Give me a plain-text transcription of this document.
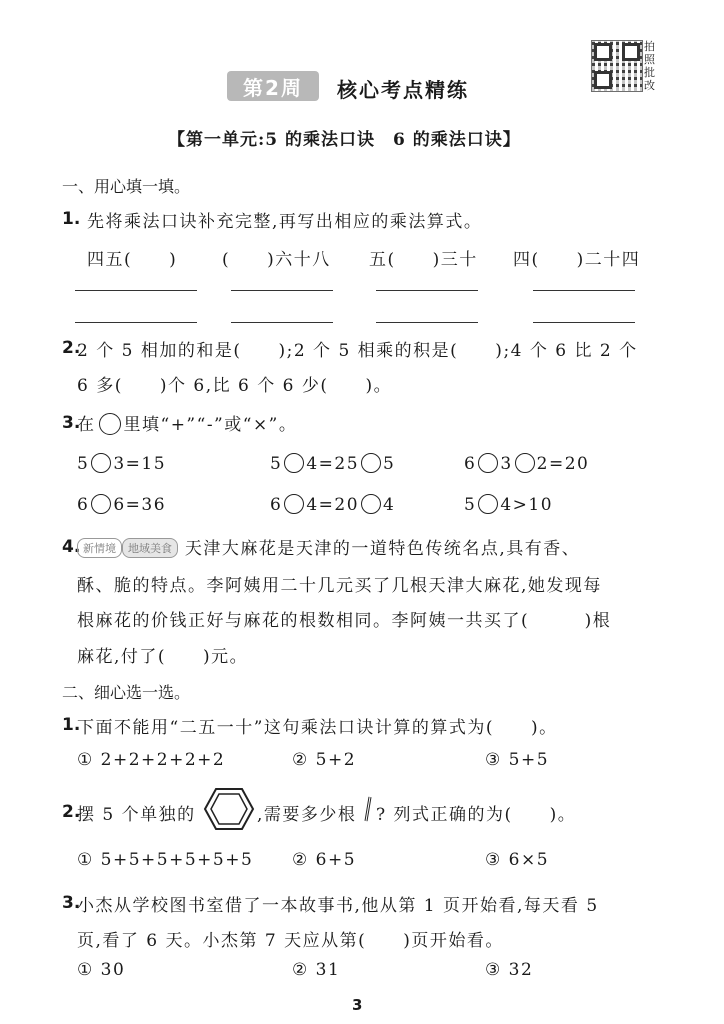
第2周	核心考点精练
拍照批改
【第一单元:5 的乘法口诀　6 的乘法口诀】
一、用心填一填。
1. 先将乘法口诀补充完整,再写出相应的乘法算式。
四五(　　)	(　　)六十八 五(　　)三十 四(　　)二十四
2.
2 个 5 相加的和是(　　);2 个 5 相乘的积是(　　);4 个 6 比 2 个
6 多(　　)个 6,比 6 个 6 少(　　)。
3.
在 里填“+”“-”或“×”。
5 3=15	5 4=25 5	6 3 2=20
6 6=36	6 4=20 4	5 4>10
4. 新情境 地域美食 天津大麻花是天津的一道特色传统名点,具有香、
酥、脆的特点。李阿姨用二十几元买了几根天津大麻花,她发现每
根麻花的价钱正好与麻花的根数相同。李阿姨一共买了(　　　)根
麻花,付了(　　)元。
二、细心选一选。
1.
下面不能用“二五一十”这句乘法口诀计算的算式为(　　)。
① 2+2+2+2+2	② 5+2	③ 5+5
2.
摆 5 个单独的	,需要多少根 ? 列式正确的为(　　)。
① 5+5+5+5+5+5 ② 6+5	③ 6×5
3.
小杰从学校图书室借了一本故事书,他从第 1 页开始看,每天看 5
页,看了 6 天。小杰第 7 天应从第(　　)页开始看。
① 30	② 31	③ 32
3
